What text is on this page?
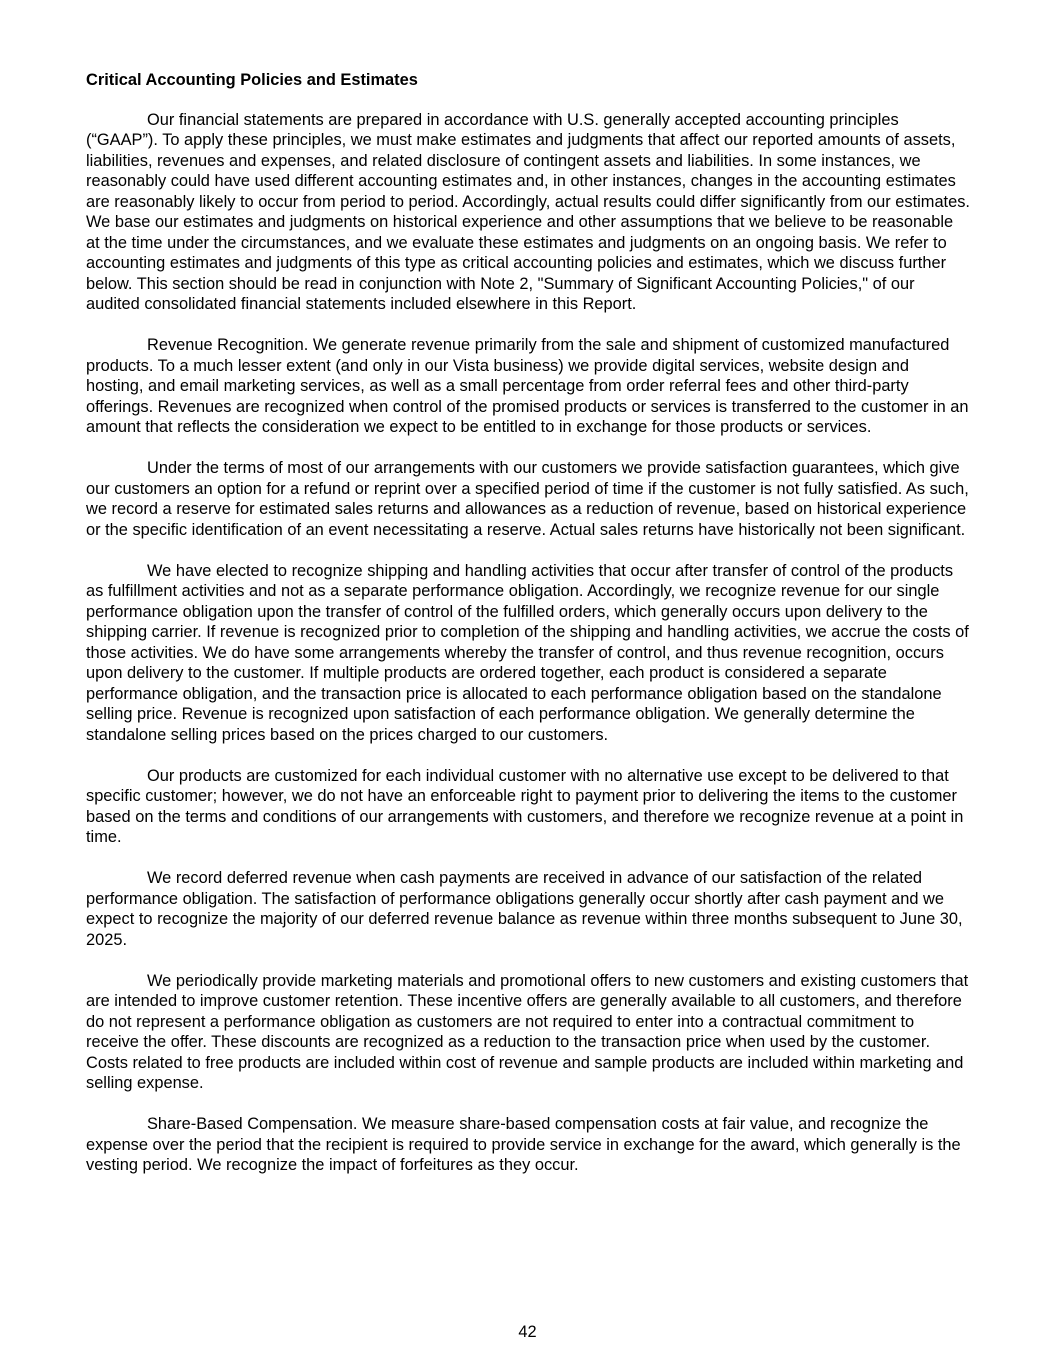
Critical Accounting Policies and Estimates

Our financial statements are prepared in accordance with U.S. generally accepted accounting principles (“GAAP”). To apply these principles, we must make estimates and judgments that affect our reported amounts of assets, liabilities, revenues and expenses, and related disclosure of contingent assets and liabilities. In some instances, we reasonably could have used different accounting estimates and, in other instances, changes in the accounting estimates are reasonably likely to occur from period to period. Accordingly, actual results could differ significantly from our estimates. We base our estimates and judgments on historical experience and other assumptions that we believe to be reasonable at the time under the circumstances, and we evaluate these estimates and judgments on an ongoing basis. We refer to accounting estimates and judgments of this type as critical accounting policies and estimates, which we discuss further below. This section should be read in conjunction with Note 2, "Summary of Significant Accounting Policies," of our audited consolidated financial statements included elsewhere in this Report.

Revenue Recognition. We generate revenue primarily from the sale and shipment of customized manufactured products. To a much lesser extent (and only in our Vista business) we provide digital services, website design and hosting, and email marketing services, as well as a small percentage from order referral fees and other third-party offerings. Revenues are recognized when control of the promised products or services is transferred to the customer in an amount that reflects the consideration we expect to be entitled to in exchange for those products or services.

Under the terms of most of our arrangements with our customers we provide satisfaction guarantees, which give our customers an option for a refund or reprint over a specified period of time if the customer is not fully satisfied. As such, we record a reserve for estimated sales returns and allowances as a reduction of revenue, based on historical experience or the specific identification of an event necessitating a reserve. Actual sales returns have historically not been significant.

We have elected to recognize shipping and handling activities that occur after transfer of control of the products as fulfillment activities and not as a separate performance obligation. Accordingly, we recognize revenue for our single performance obligation upon the transfer of control of the fulfilled orders, which generally occurs upon delivery to the shipping carrier. If revenue is recognized prior to completion of the shipping and handling activities, we accrue the costs of those activities. We do have some arrangements whereby the transfer of control, and thus revenue recognition, occurs upon delivery to the customer. If multiple products are ordered together, each product is considered a separate performance obligation, and the transaction price is allocated to each performance obligation based on the standalone selling price. Revenue is recognized upon satisfaction of each performance obligation. We generally determine the standalone selling prices based on the prices charged to our customers.

Our products are customized for each individual customer with no alternative use except to be delivered to that specific customer; however, we do not have an enforceable right to payment prior to delivering the items to the customer based on the terms and conditions of our arrangements with customers, and therefore we recognize revenue at a point in time.

We record deferred revenue when cash payments are received in advance of our satisfaction of the related performance obligation. The satisfaction of performance obligations generally occur shortly after cash payment and we expect to recognize the majority of our deferred revenue balance as revenue within three months subsequent to June 30, 2025.

We periodically provide marketing materials and promotional offers to new customers and existing customers that are intended to improve customer retention. These incentive offers are generally available to all customers, and therefore do not represent a performance obligation as customers are not required to enter into a contractual commitment to receive the offer. These discounts are recognized as a reduction to the transaction price when used by the customer. Costs related to free products are included within cost of revenue and sample products are included within marketing and selling expense.

Share-Based Compensation. We measure share-based compensation costs at fair value, and recognize the expense over the period that the recipient is required to provide service in exchange for the award, which generally is the vesting period. We recognize the impact of forfeitures as they occur.

42
